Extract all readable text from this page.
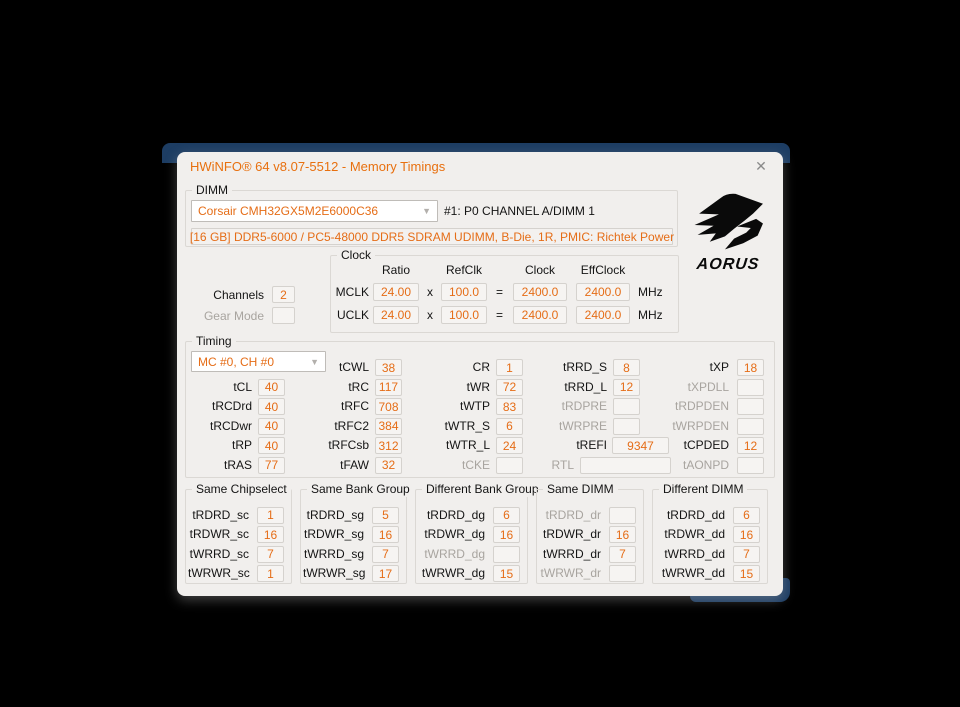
HWiNFO® 64 v8.07-5512 - Memory Timings	✕
DIMM
Corsair CMH32GX5M2E6000C36	▼ #1: P0 CHANNEL A/DIMM 1
[16 GB] DDR5-6000 / PC5-48000 DDR5 SDRAM UDIMM, B-Die, 1R, PMIC: Richtek Power
AORUS
Channels 2
Gear Mode
Clock
Ratio	RefClk	Clock	EffClock
MCLK 24.00	x	100.0	=	2400.0	2400.0	MHz
UCLK 24.00	x	100.0	=	2400.0	2400.0	MHz
Timing
MC #0, CH #0	▼
tCL	40
tRCDrd	40
tRCDwr	40
tRP	40
tRAS	77
tCWL	38
tRC 117
tRFC 708
tRFC2 384
tRFCsb 312
tFAW	32
CR	1
tWR	72
tWTP	83
tWTR_S	6
tWTR_L	24
tCKE
tRRD_S	8
tRRD_L	12
tRDPRE
tWRPRE
tREFI	9347
RTL
tXP	18
tXPDLL
tRDPDEN
tWRPDEN
tCPDED	12
tAONPD
Same Chipselect
tRDRD_sc	1
tRDWR_sc	16
tWRRD_sc	7
tWRWR_sc	1
Same Bank Group
tRDRD_sg	5
tRDWR_sg	16
tWRRD_sg	7
tWRWR_sg	17
Different Bank Group
tRDRD_dg	6
tRDWR_dg	16
tWRRD_dg
tWRWR_dg	15
Same DIMM
tRDRD_dr
tRDWR_dr	16
tWRRD_dr	7
tWRWR_dr
Different DIMM
tRDRD_dd	6
tRDWR_dd	16
tWRRD_dd	7
tWRWR_dd	15
